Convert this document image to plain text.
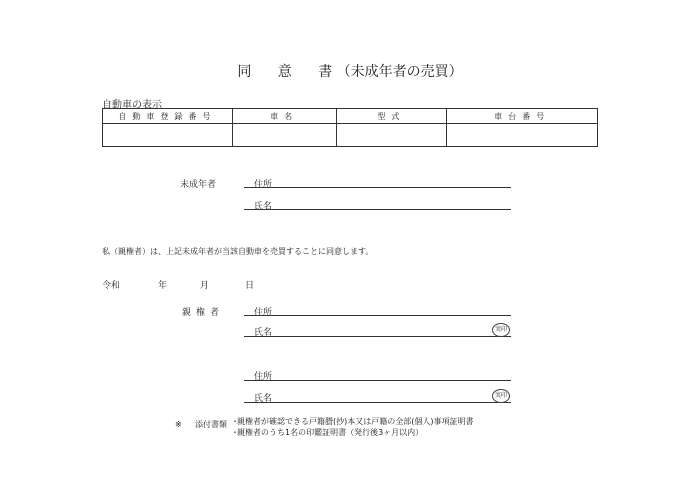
同 意 書 （未成年者の売買）
自動車の表示
自動車登録番号	車名	型式	車台番号

未成年者	住所
氏名
私（親権者）は、上記未成年者が当該自動車を売買することに同意します。
令和	年	月	日
親権者	住所
氏名	実印
住所
氏名	実印
※ 添付書類 ･親権者が確認できる戸籍謄(抄)本又は戸籍の全部(個人)事項証明書
･親権者のうち1名の印鑑証明書（発行後3ヶ月以内）
